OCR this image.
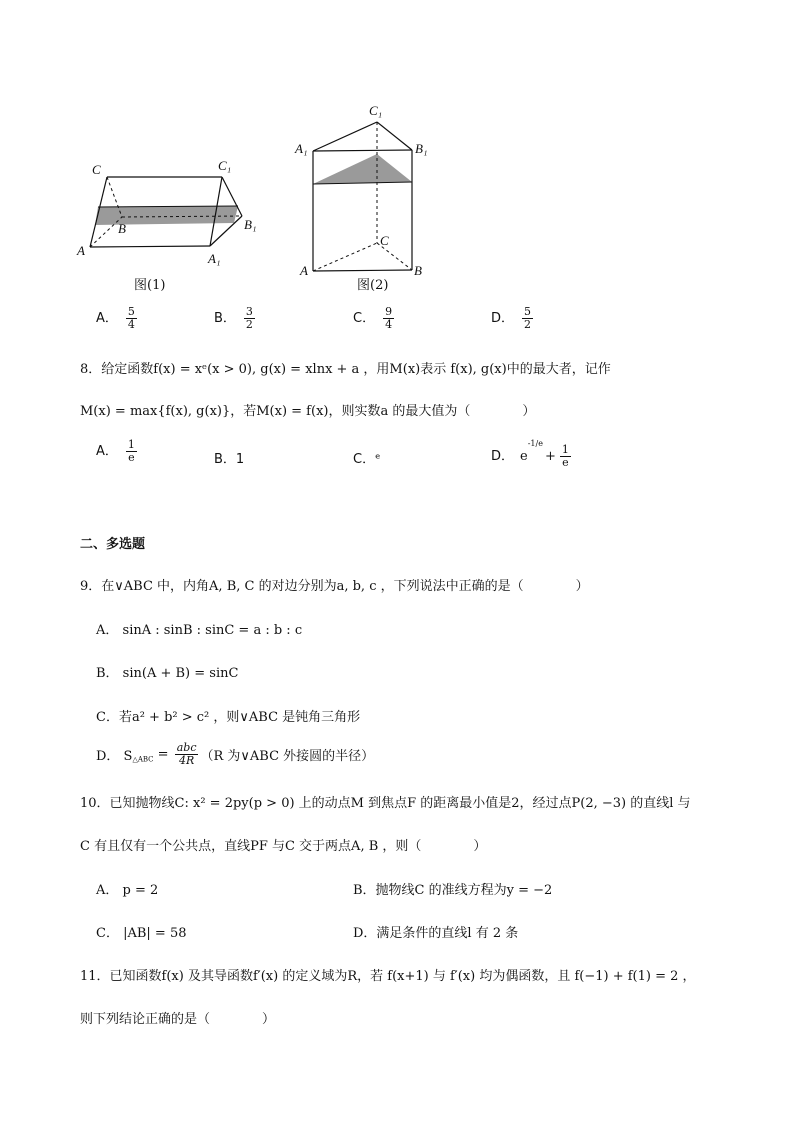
C	C₁
B	B₁
A
A₁
图(1)
C₁
A₁	B₁
C
A	B
图(2)
A． $\frac{5}{4}$	B． $\frac{3}{2}$	C． $\frac{9}{4}$	D． $\frac{5}{2}$
8．给定函数f(x) = xᵉ(x > 0), g(x) = xlnx + a ，用M(x)表示 f(x), g(x)中的最大者，记作
M(x) = max{f(x), g(x)}，若M(x) = f(x)，则实数a 的最大值为（　　　　）
A． $\frac{1}{e}$	B．1	C．ᵉ	D． $e^{-1/e}+ \frac{1}{e}$
二、多选题
9．在∨ABC 中，内角A, B, C 的对边分别为a, b, c ，下列说法中正确的是（　　　　）
A． sinA : sinB : sinC = a : b : c
B． sin(A + B) = sinC
C．若a² + b² > c² ，则∨ABC 是钝角三角形
D． $S_{\triangle ABC} = \frac{\text{abc}}{4R} (R$ 为∨ABC 外接圆的半径）
10．已知抛物线C: x² = 2py(p > 0) 上的动点M 到焦点F 的距离最小值是2，经过点P(2, −3) 的直线l 与
C 有且仅有一个公共点，直线PF 与C 交于两点A, B ，则（　　　　）
A． p = 2	B．抛物线C 的准线方程为y = −2
C． |AB| = 58	D．满足条件的直线l 有 2 条
11．已知函数f(x) 及其导函数f′(x) 的定义域为R，若 f(x+1) 与 f′(x) 均为偶函数，且 f(−1) + f(1) = 2 ，
则下列结论正确的是（　　　　）
